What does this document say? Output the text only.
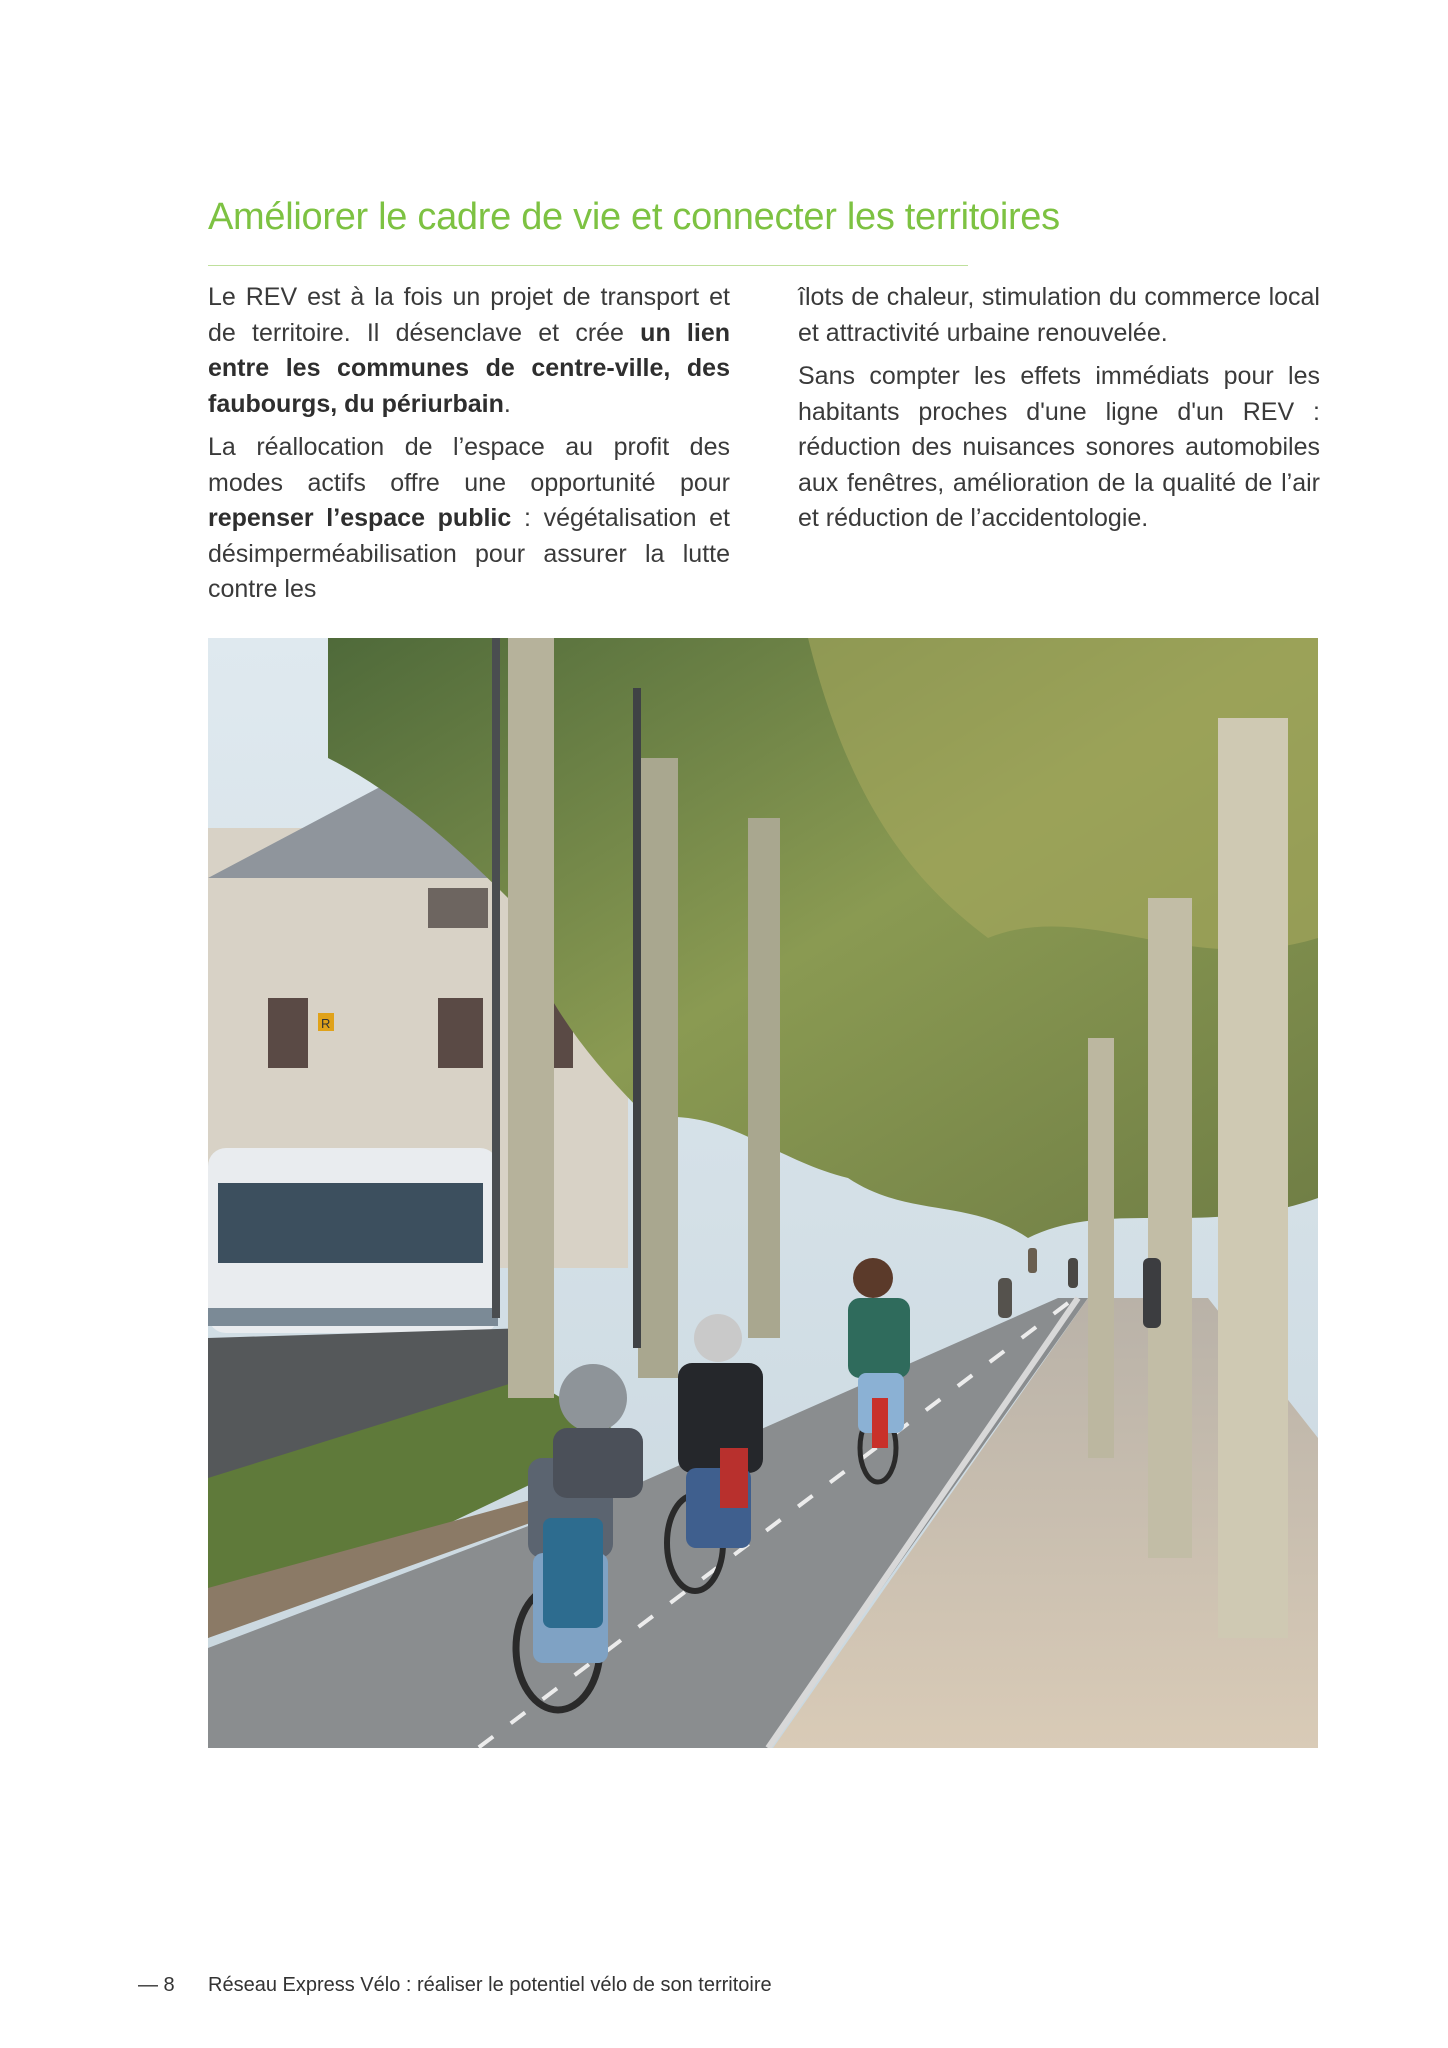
Améliorer le cadre de vie et connecter les territoires

Le REV est à la fois un projet de transport et de territoire. Il désenclave et crée un lien entre les communes de centre-ville, des faubourgs, du périurbain.

La réallocation de l’espace au profit des modes actifs offre une opportunité pour repenser l’espace public : végétalisation et désimperméabilisation pour assurer la lutte contre les

îlots de chaleur, stimulation du commerce local et attractivité urbaine renouvelée.

Sans compter les effets immédiats pour les habitants proches d'une ligne d'un REV : réduction des nuisances sonores automobiles aux fenêtres, amélioration de la qualité de l’air et réduction de l’accidentologie.

R
— 8 Réseau Express Vélo : réaliser le potentiel vélo de son territoire
